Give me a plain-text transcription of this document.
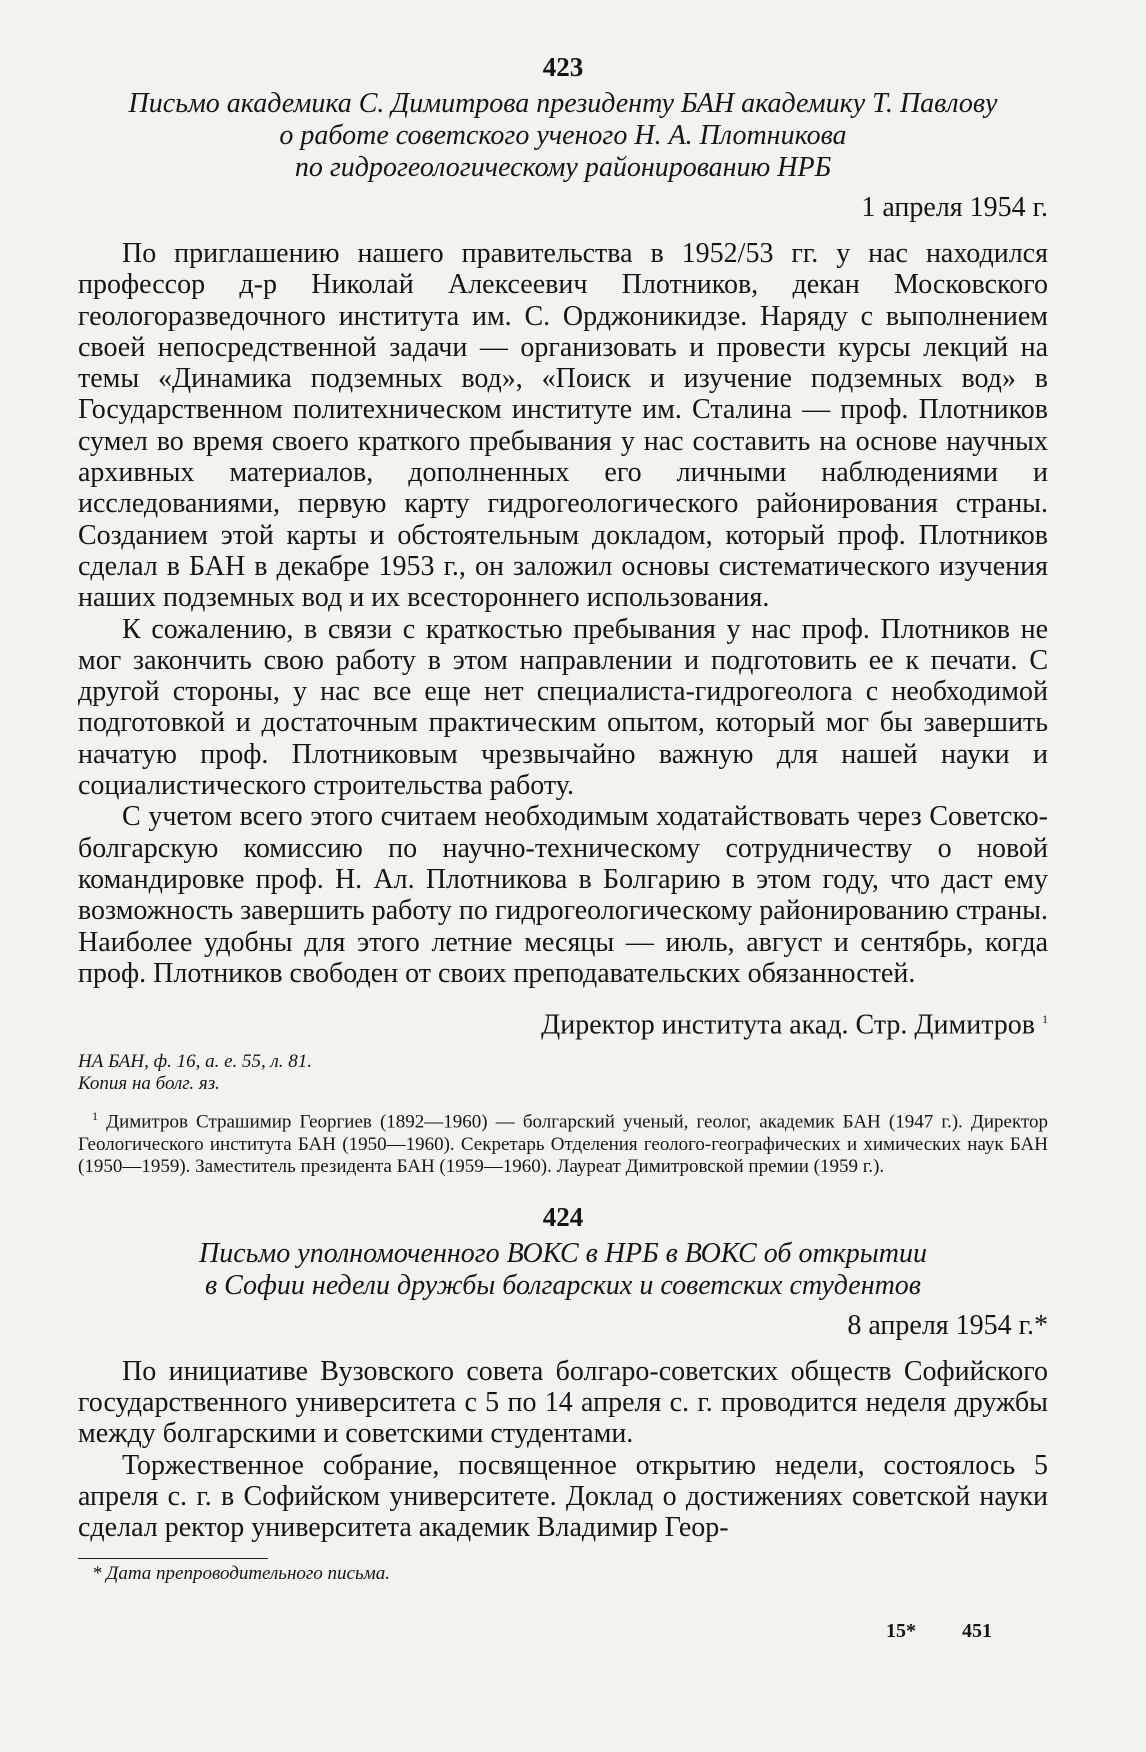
423

Письмо академика С. Димитрова президенту БАН академику Т. Павлову

о работе советского ученого Н. А. Плотникова

по гидрогеологическому районированию НРБ

1 апреля 1954 г.

По приглашению нашего правительства в 1952/53 гг. у нас находился профессор д-р Николай Алексеевич Плотников, декан Московского геологоразведочного института им. С. Орджоникидзе. Наряду с выполнением своей непосредственной задачи — организовать и провести курсы лекций на темы «Динамика подземных вод», «Поиск и изучение подземных вод» в Государственном политехническом институте им. Сталина — проф. Плотников сумел во время своего краткого пребывания у нас составить на основе научных архивных материалов, дополненных его личными наблюдениями и исследованиями, первую карту гидрогеологического районирования страны. Созданием этой карты и обстоятельным докладом, который проф. Плотников сделал в БАН в декабре 1953 г., он заложил основы систематического изучения наших подземных вод и их всестороннего использования.

К сожалению, в связи с краткостью пребывания у нас проф. Плотников не мог закончить свою работу в этом направлении и подготовить ее к печати. С другой стороны, у нас все еще нет специалиста-гидрогеолога с необходимой подготовкой и достаточным практическим опытом, который мог бы завершить начатую проф. Плотниковым чрезвычайно важную для нашей науки и социалистического строительства работу.

С учетом всего этого считаем необходимым ходатайствовать через Советско-болгарскую комиссию по научно-техническому сотрудничеству о новой командировке проф. Н. Ал. Плотникова в Болгарию в этом году, что даст ему возможность завершить работу по гидрогеологическому районированию страны. Наиболее удобны для этого летние месяцы — июль, август и сентябрь, когда проф. Плотников свободен от своих преподавательских обязанностей.

Директор института акад. Стр. Димитров $^1$

НА БАН, ф. 16, а. е. 55, л. 81.

Копия на болг. яз.

$^1$ Димитров Страшимир Георгиев (1892—1960) — болгарский ученый, геолог, академик БАН (1947 г.). Директор Геологического института БАН (1950—1960). Секретарь Отделения геолого-географических и химических наук БАН (1950—1959). Заместитель президента БАН (1959—1960). Лауреат Димитровской премии (1959 г.).

424

Письмо уполномоченного ВОКС в НРБ в ВОКС об открытии

в Софии недели дружбы болгарских и советских студентов

8 апреля 1954 г.*

По инициативе Вузовского совета болгаро-советских обществ Софийского государственного университета с 5 по 14 апреля с. г. проводится неделя дружбы между болгарскими и советскими студентами.

Торжественное собрание, посвященное открытию недели, состоялось 5 апреля с. г. в Софийском университете. Доклад о достижениях советской науки сделал ректор университета академик Владимир Геор-

* Дата препроводительного письма.

15* 451
